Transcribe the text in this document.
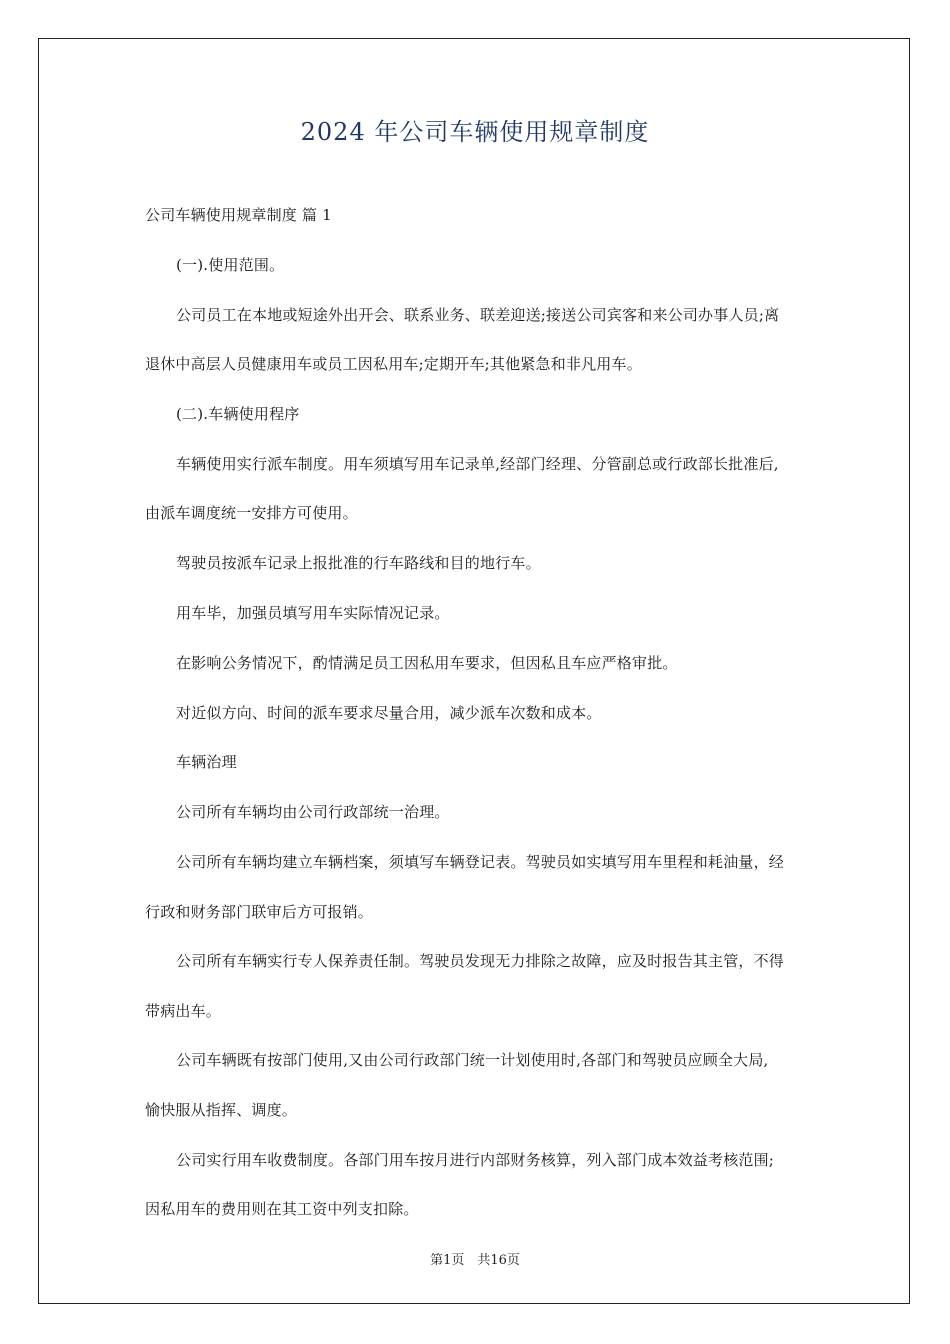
2024 年公司车辆使用规章制度
公司车辆使用规章制度 篇 1
(一).使用范围。
公司员工在本地或短途外出开会、联系业务、联差迎送;接送公司宾客和来公司办事人员;离
退休中高层人员健康用车或员工因私用车;定期开车;其他紧急和非凡用车。
(二).车辆使用程序
车辆使用实行派车制度。用车须填写用车记录单,经部门经理、分管副总或行政部长批准后,
由派车调度统一安排方可使用。
驾驶员按派车记录上报批准的行车路线和目的地行车。
用车毕，加强员填写用车实际情况记录。
在影响公务情况下，酌情满足员工因私用车要求，但因私且车应严格审批。
对近似方向、时间的派车要求尽量合用，减少派车次数和成本。
车辆治理
公司所有车辆均由公司行政部统一治理。
公司所有车辆均建立车辆档案，须填写车辆登记表。驾驶员如实填写用车里程和耗油量，经
行政和财务部门联审后方可报销。
公司所有车辆实行专人保养责任制。驾驶员发现无力排除之故障，应及时报告其主管，不得
带病出车。
公司车辆既有按部门使用,又由公司行政部门统一计划使用时,各部门和驾驶员应顾全大局,
愉快服从指挥、调度。
公司实行用车收费制度。各部门用车按月进行内部财务核算，列入部门成本效益考核范围;
因私用车的费用则在其工资中列支扣除。
第1页　共16页
